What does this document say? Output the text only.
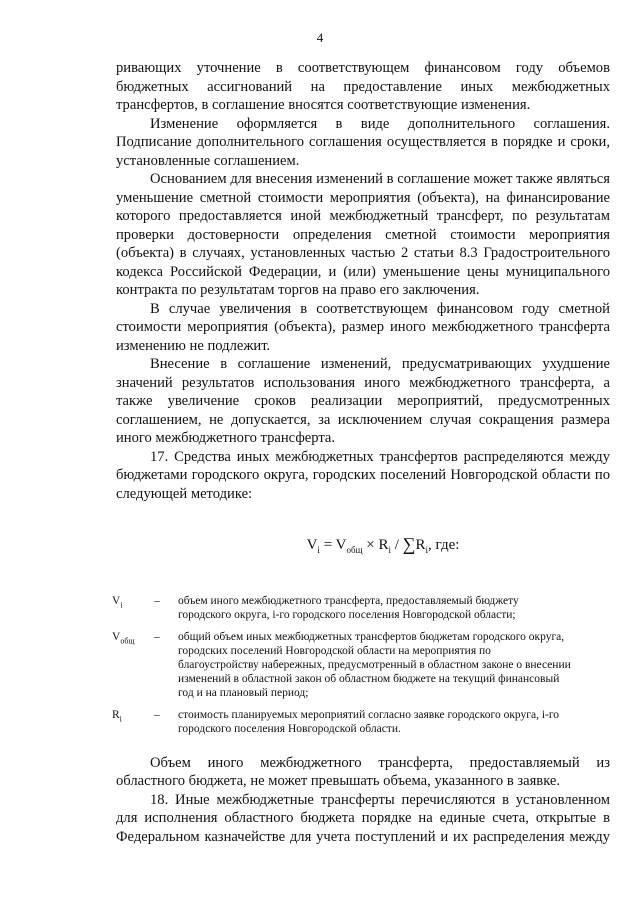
4

ривающих уточнение в соответствующем финансовом году объемов бюджетных ассигнований на предоставление иных межбюджетных трансфертов, в соглашение вносятся соответствующие изменения.

Изменение оформляется в виде дополнительного соглашения. Подписание дополнительного соглашения осуществляется в порядке и сроки, установленные соглашением.

Основанием для внесения изменений в соглашение может также являться уменьшение сметной стоимости мероприятия (объекта), на финансирование которого предоставляется иной межбюджетный трансферт, по результатам проверки достоверности определения сметной стоимости мероприятия (объекта) в случаях, установленных частью 2 статьи 8.3 Градостроительного кодекса Российской Федерации, и (или) уменьшение цены муниципального контракта по результатам торгов на право его заключения.

В случае увеличения в соответствующем финансовом году сметной стоимости мероприятия (объекта), размер иного межбюджетного трансферта изменению не подлежит.

Внесение в соглашение изменений, предусматривающих ухудшение значений результатов использования иного межбюджетного трансферта, а также увеличение сроков реализации мероприятий, предусмотренных соглашением, не допускается, за исключением случая сокращения размера иного межбюджетного трансферта.

17. Средства иных межбюджетных трансфертов распределяются между бюджетами городского округа, городских поселений Новгородской области по следующей методике:

$V_i = V_{общ} \times R_i / \sum R_i$, где:
$V_i$	–	объем иного межбюджетного трансферта, предоставляемый бюджету городского округа, i-го городского поселения Новгородской области;
$V_{общ}$	–	общий объем иных межбюджетных трансфертов бюджетам городского округа, городских поселений Новгородской области на мероприятия по благоустройству набережных, предусмотренный в областном законе о внесении изменений в областной закон об областном бюджете на текущий финансовый год и на плановый период;
$R_i$	–	стоимость планируемых мероприятий согласно заявке городского округа, i-го городского поселения Новгородской области.

Объем иного межбюджетного трансферта, предоставляемый из областного бюджета, не может превышать объема, указанного в заявке.

18. Иные межбюджетные трансферты перечисляются в установленном для исполнения областного бюджета порядке на единые счета, открытые в Федеральном казначействе для учета поступлений и их распределения между
